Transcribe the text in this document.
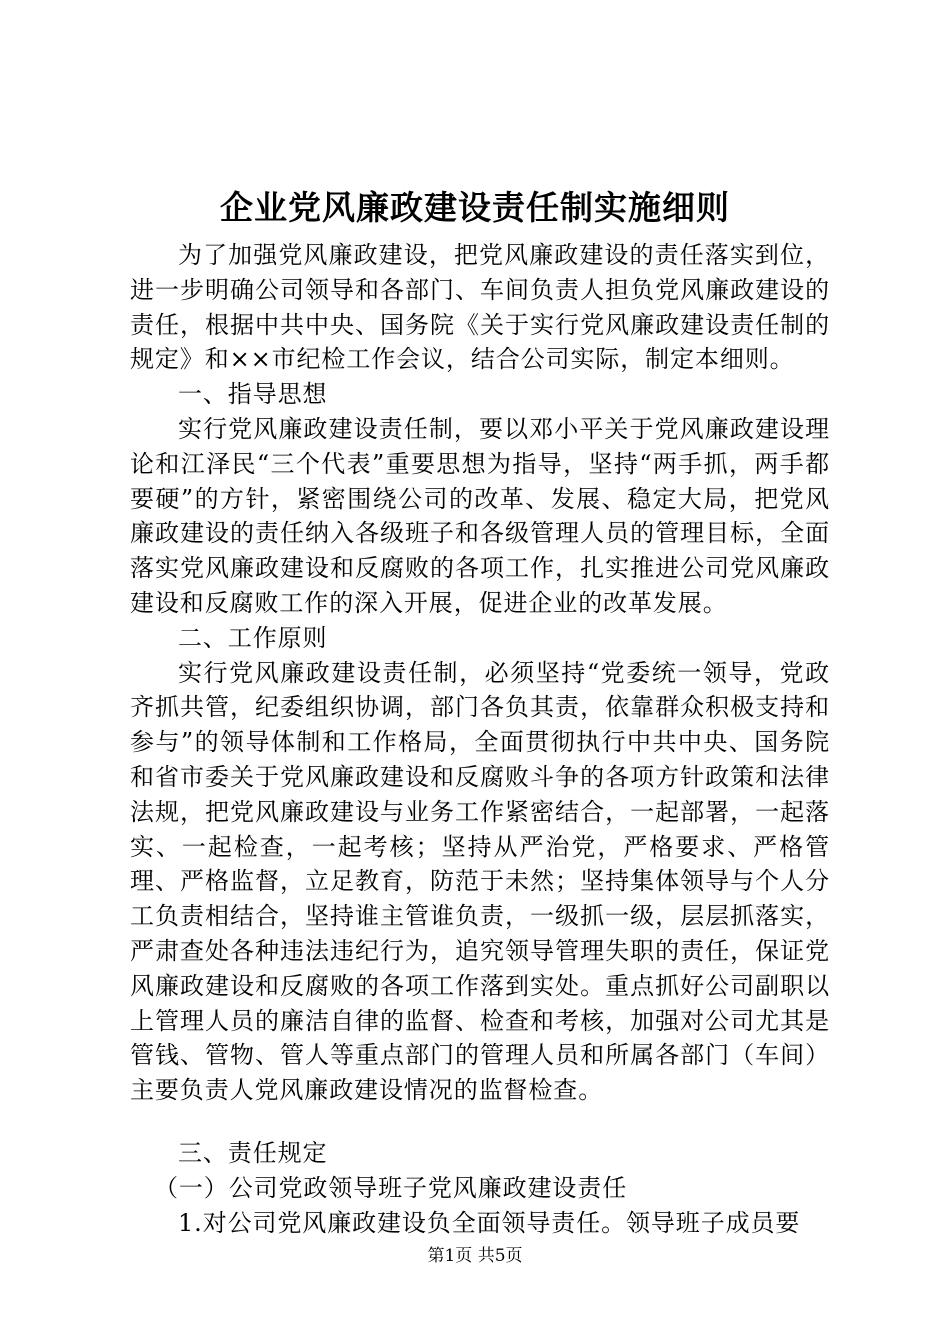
企业党风廉政建设责任制实施细则

为了加强党风廉政建设，把党风廉政建设的责任落实到位，进一步明确公司领导和各部门、车间负责人担负党风廉政建设的责任，根据中共中央、国务院《关于实行党风廉政建设责任制的规定》和××市纪检工作会议，结合公司实际，制定本细则。

一、指导思想

实行党风廉政建设责任制，要以邓小平关于党风廉政建设理论和江泽民“三个代表”重要思想为指导，坚持“两手抓，两手都要硬”的方针，紧密围绕公司的改革、发展、稳定大局，把党风廉政建设的责任纳入各级班子和各级管理人员的管理目标，全面落实党风廉政建设和反腐败的各项工作，扎实推进公司党风廉政建设和反腐败工作的深入开展，促进企业的改革发展。

二、工作原则

实行党风廉政建设责任制，必须坚持“党委统一领导，党政齐抓共管，纪委组织协调，部门各负其责，依靠群众积极支持和参与”的领导体制和工作格局，全面贯彻执行中共中央、国务院和省市委关于党风廉政建设和反腐败斗争的各项方针政策和法律法规，把党风廉政建设与业务工作紧密结合，一起部署，一起落实、一起检查，一起考核；坚持从严治党，严格要求、严格管理、严格监督，立足教育，防范于未然；坚持集体领导与个人分工负责相结合，坚持谁主管谁负责，一级抓一级，层层抓落实，严肃查处各种违法违纪行为，追究领导管理失职的责任，保证党风廉政建设和反腐败的各项工作落到实处。重点抓好公司副职以上管理人员的廉洁自律的监督、检查和考核，加强对公司尤其是管钱、管物、管人等重点部门的管理人员和所属各部门（车间）主要负责人党风廉政建设情况的监督检查。

三、责任规定

（一）公司党政领导班子党风廉政建设责任

1.对公司党风廉政建设负全面领导责任。领导班子成员要

第1页 共5页
